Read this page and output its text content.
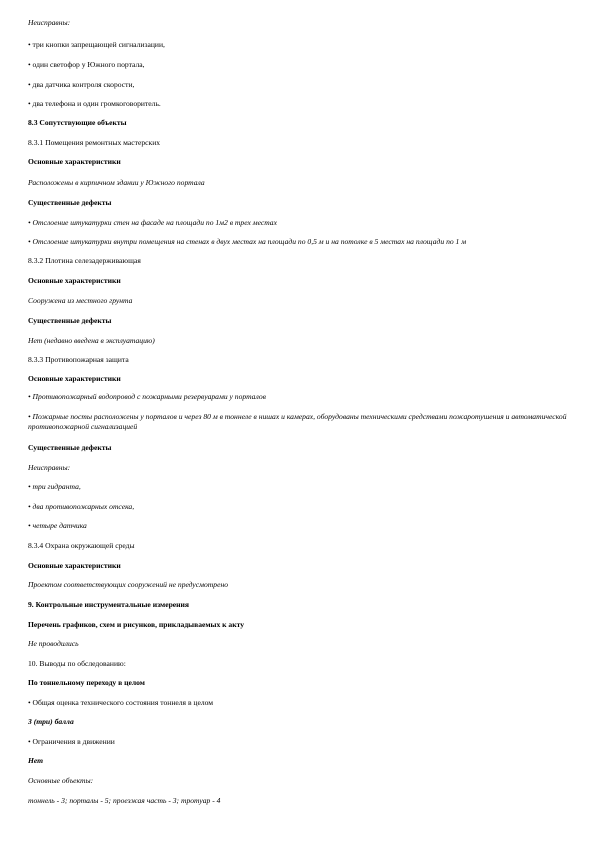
Неисправны:
• три кнопки запрещающей сигнализации,
• один светофор у Южного портала,
• два датчика контроля скорости,
• два телефона и один громкоговоритель.
8.3 Сопутствующие объекты
8.3.1 Помещения ремонтных мастерских
Основные характеристики
Расположены в кирпичном здании у Южного портала
Существенные дефекты
• Отслоение штукатурки стен на фасаде на площади по 1м2 в трех местах
• Отслоение штукатурки внутри помещения на стенах в двух местах на площади по 0,5 м и на потолке в 5 местах на площади по 1 м
8.3.2 Плотина селезадерживающая
Основные характеристики
Сооружена из местного грунта
Существенные дефекты
Нет (недавно введена в эксплуатацию)
8.3.3 Противопожарная защита
Основные характеристики
• Противопожарный водопровод с пожарными резервуарами у порталов
• Пожарные посты расположены у порталов и через 80 м в тоннеле в нишах и камерах, оборудованы техническими средствами пожаротушения и автоматической противопожарной сигнализацией
Существенные дефекты
Неисправны:
• три гидранта,
• два противопожарных отсека,
• четыре датчика
8.3.4 Охрана окружающей среды
Основные характеристики
Проектом соответствующих сооружений не предусмотрено
9. Контрольные инструментальные измерения
Перечень графиков, схем и рисунков, прикладываемых к акту
Не проводились
10. Выводы по обследованию:
По тоннельному переходу в целом
• Общая оценка технического состояния тоннеля в целом
3 (три) балла
• Ограничения в движении
Нет
Основные объекты:
тоннель - 3; порталы - 5; проезжая часть - 3; тротуар - 4
